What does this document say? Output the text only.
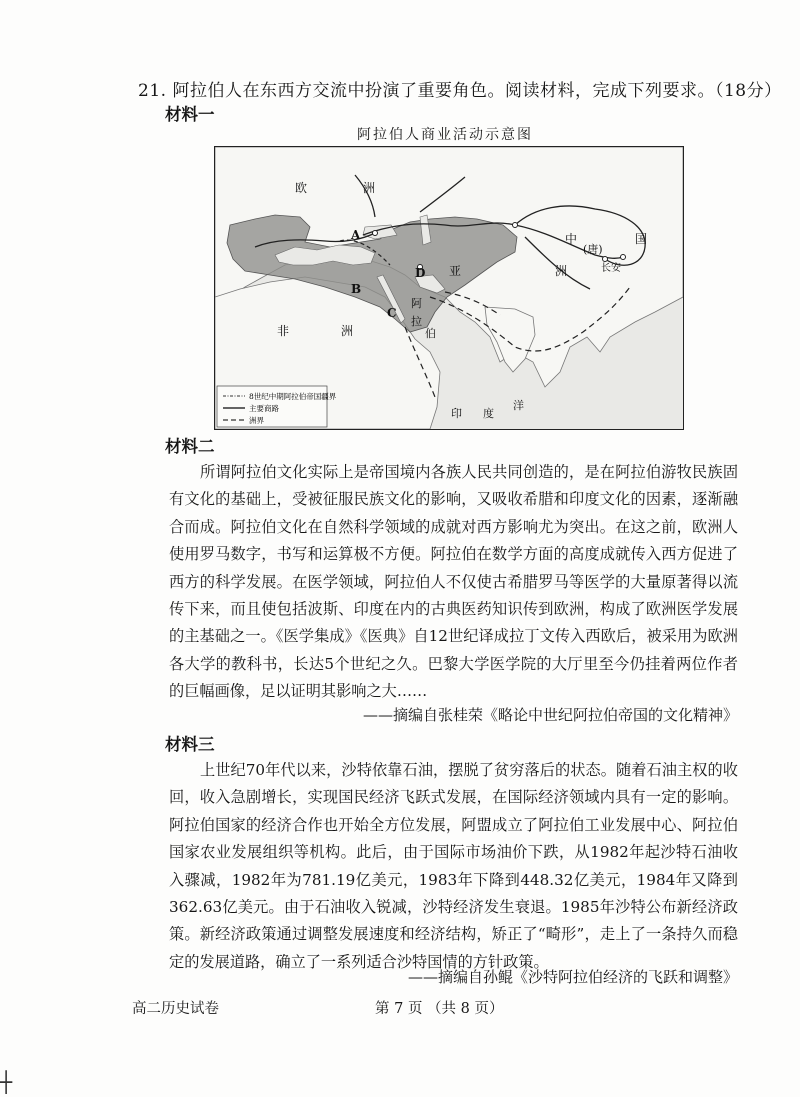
21. 阿拉伯人在东西方交流中扮演了重要角色。阅读材料，完成下列要求。（18分）
材料一
阿拉伯人商业活动示意图
欧	洲
亚	洲
非	洲
阿
拉
伯
中	国
(唐)
长安
印 度
洋
A
B
C
D
8世纪中期阿拉伯帝国疆界
主要商路
洲界
材料二
所谓阿拉伯文化实际上是帝国境内各族人民共同创造的，是在阿拉伯游牧民族固有文化的基础上，受被征服民族文化的影响，又吸收希腊和印度文化的因素，逐渐融合而成。阿拉伯文化在自然科学领域的成就对西方影响尤为突出。在这之前，欧洲人使用罗马数字，书写和运算极不方便。阿拉伯在数学方面的高度成就传入西方促进了西方的科学发展。在医学领域，阿拉伯人不仅使古希腊罗马等医学的大量原著得以流传下来，而且使包括波斯、印度在内的古典医药知识传到欧洲，构成了欧洲医学发展的主基础之一。《医学集成》《医典》自12世纪译成拉丁文传入西欧后，被采用为欧洲各大学的教科书，长达5个世纪之久。巴黎大学医学院的大厅里至今仍挂着两位作者的巨幅画像，足以证明其影响之大……
——摘编自张桂荣《略论中世纪阿拉伯帝国的文化精神》
材料三
上世纪70年代以来，沙特依靠石油，摆脱了贫穷落后的状态。随着石油主权的收回，收入急剧增长，实现国民经济飞跃式发展，在国际经济领域内具有一定的影响。阿拉伯国家的经济合作也开始全方位发展，阿盟成立了阿拉伯工业发展中心、阿拉伯国家农业发展组织等机构。此后，由于国际市场油价下跌，从1982年起沙特石油收入骤减，1982年为781.19亿美元，1983年下降到448.32亿美元，1984年又降到362.63亿美元。由于石油收入锐减，沙特经济发生衰退。1985年沙特公布新经济政策。新经济政策通过调整发展速度和经济结构，矫正了“畸形”，走上了一条持久而稳定的发展道路，确立了一系列适合沙特国情的方针政策。
——摘编自孙鲲《沙特阿拉伯经济的飞跃和调整》
高二历史试卷	第 7 页 （共 8 页）
┼
